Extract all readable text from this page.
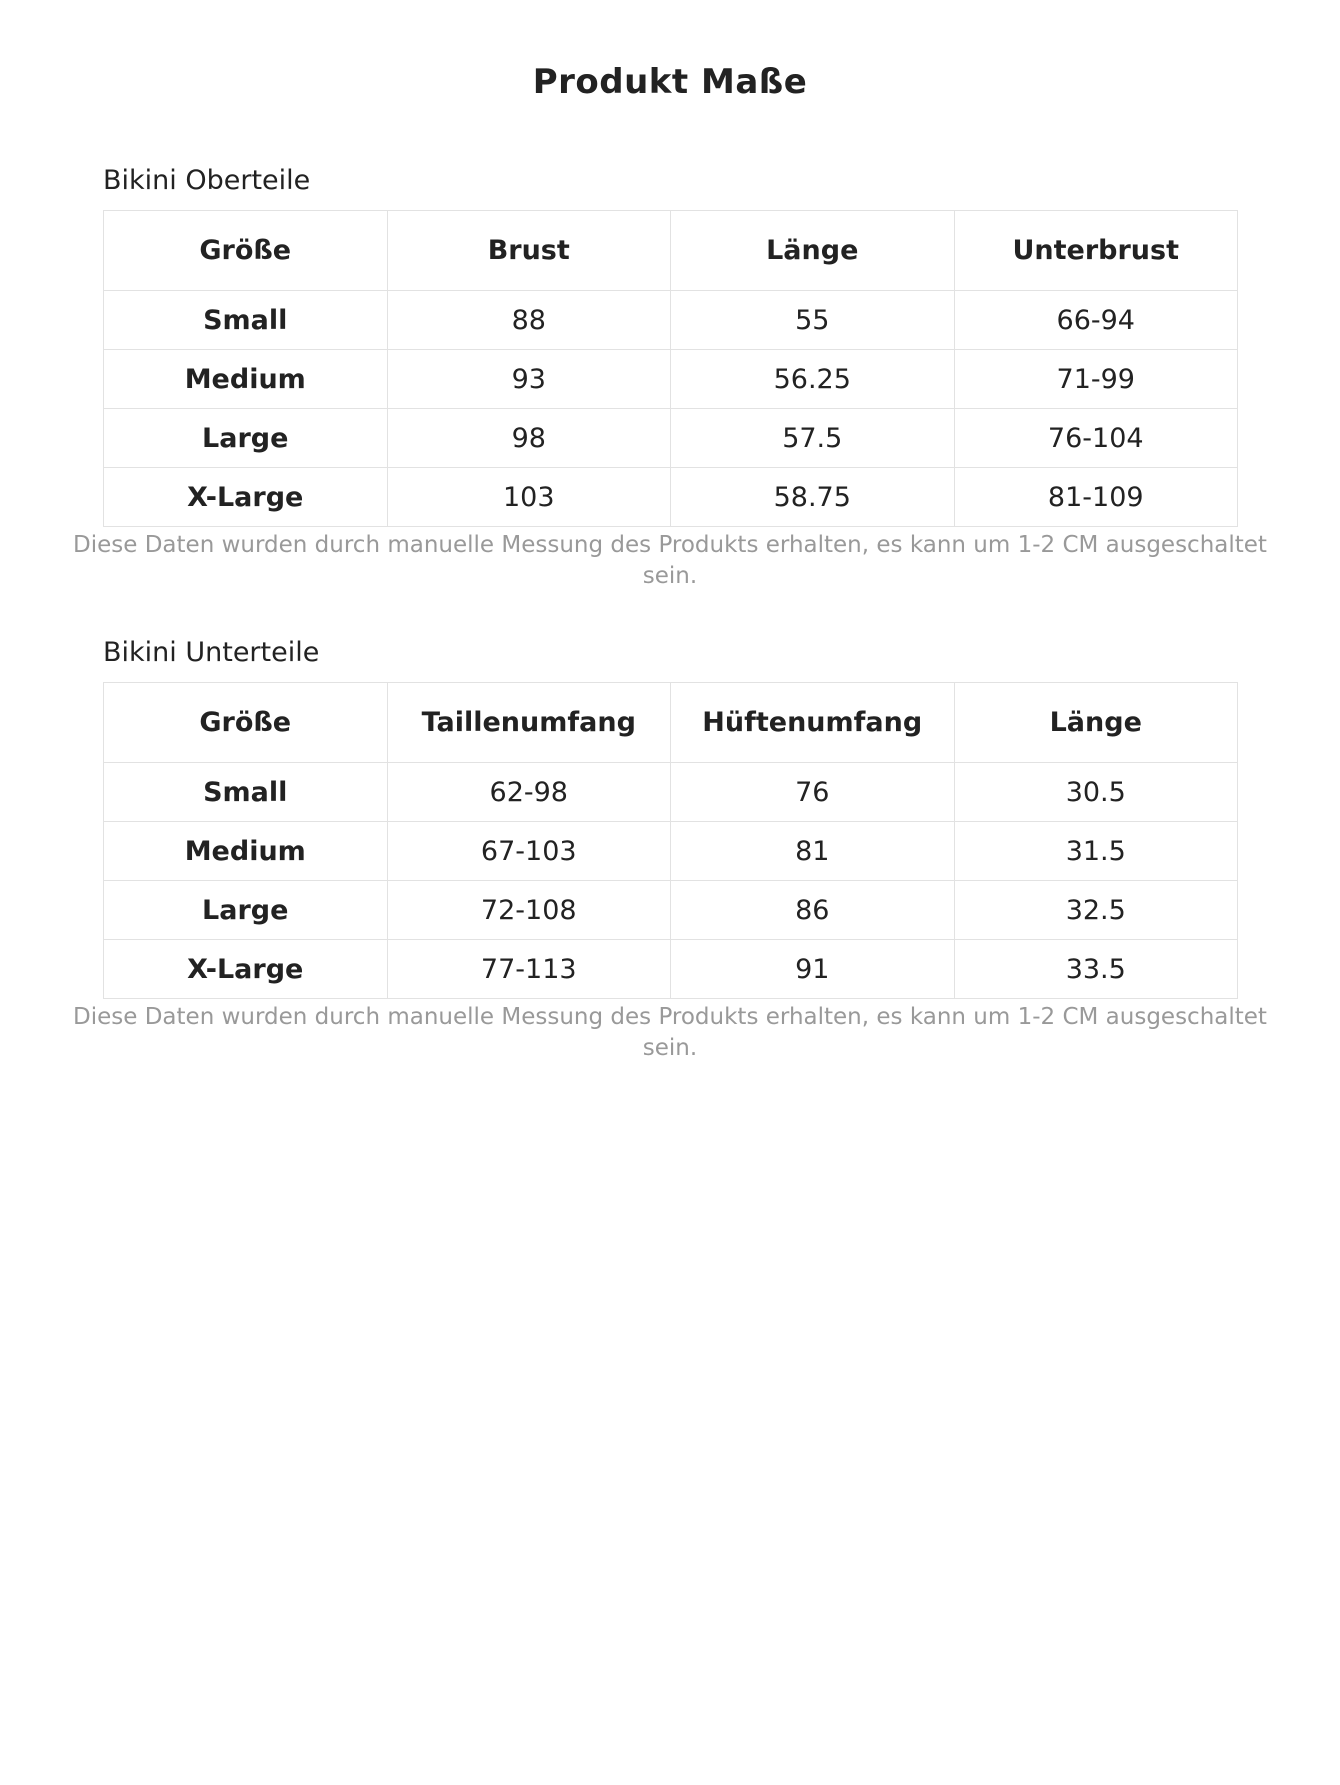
Produkt Maße
Bikini Oberteile
Größe	Brust	Länge	Unterbrust
Small	88	55	66-94
Medium	93	56.25	71-99
Large	98	57.5	76-104
X-Large	103	58.75	81-109
Diese Daten wurden durch manuelle Messung des Produkts erhalten, es kann um 1-2 CM ausgeschaltet sein.
Bikini Unterteile
Größe	Taillenumfang	Hüftenumfang	Länge
Small	62-98	76	30.5
Medium	67-103	81	31.5
Large	72-108	86	32.5
X-Large	77-113	91	33.5
Diese Daten wurden durch manuelle Messung des Produkts erhalten, es kann um 1-2 CM ausgeschaltet sein.
